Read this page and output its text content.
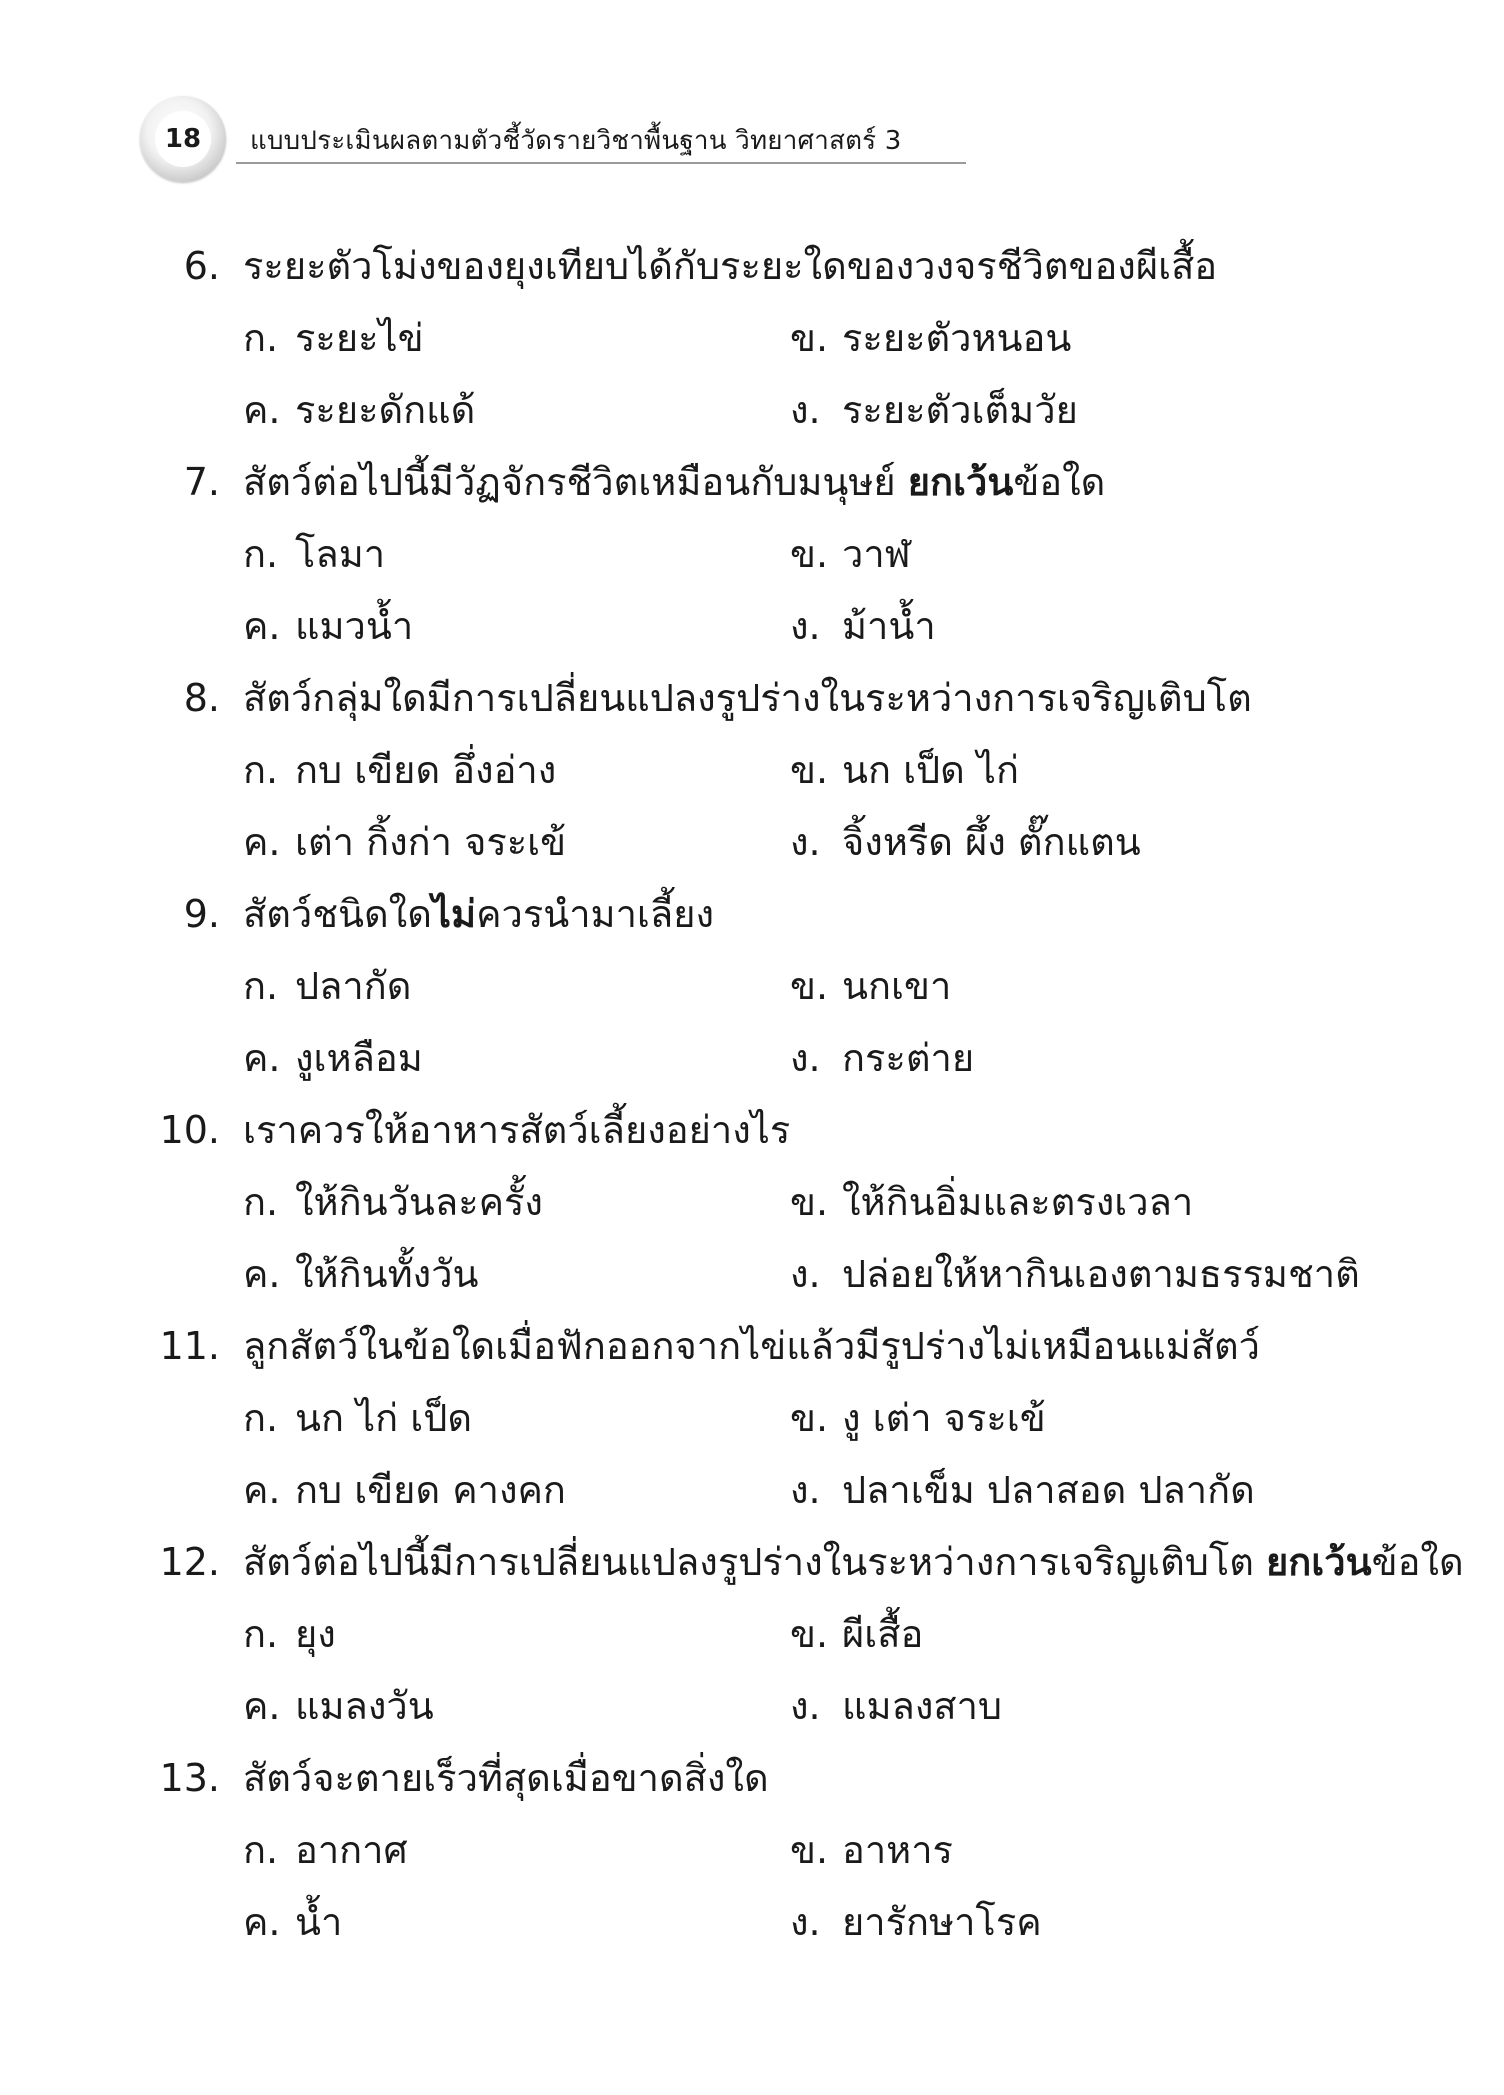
18	แบบประเมินผลตามตัวชี้วัดรายวิชาพื้นฐาน วิทยาศาสตร์ 3
6. ระยะตัวโม่งของยุงเทียบได้กับระยะใดของวงจรชีวิตของผีเสื้อ
ก. ระยะไข่	ข. ระยะตัวหนอน
ค. ระยะดักแด้	ง. ระยะตัวเต็มวัย
7. สัตว์ต่อไปนี้มีวัฏจักรชีวิตเหมือนกับมนุษย์ ยกเว้นข้อใด
ก. โลมา	ข. วาฬ
ค. แมวน้ำ	ง. ม้าน้ำ
8. สัตว์กลุ่มใดมีการเปลี่ยนแปลงรูปร่างในระหว่างการเจริญเติบโต
ก. กบ เขียด อึ่งอ่าง	ข. นก เป็ด ไก่
ค. เต่า กิ้งก่า จระเข้	ง. จิ้งหรีด ผึ้ง ตั๊กแตน
9. สัตว์ชนิดใดไม่ควรนำมาเลี้ยง
ก. ปลากัด	ข. นกเขา
ค. งูเหลือม	ง. กระต่าย
10. เราควรให้อาหารสัตว์เลี้ยงอย่างไร
ก. ให้กินวันละครั้ง	ข. ให้กินอิ่มและตรงเวลา
ค. ให้กินทั้งวัน	ง. ปล่อยให้หากินเองตามธรรมชาติ
11. ลูกสัตว์ในข้อใดเมื่อฟักออกจากไข่แล้วมีรูปร่างไม่เหมือนแม่สัตว์
ก. นก ไก่ เป็ด	ข. งู เต่า จระเข้
ค. กบ เขียด คางคก	ง. ปลาเข็ม ปลาสอด ปลากัด
12. สัตว์ต่อไปนี้มีการเปลี่ยนแปลงรูปร่างในระหว่างการเจริญเติบโต ยกเว้นข้อใด
ก. ยุง	ข. ผีเสื้อ
ค. แมลงวัน	ง. แมลงสาบ
13. สัตว์จะตายเร็วที่สุดเมื่อขาดสิ่งใด
ก. อากาศ	ข. อาหาร
ค. น้ำ	ง. ยารักษาโรค
